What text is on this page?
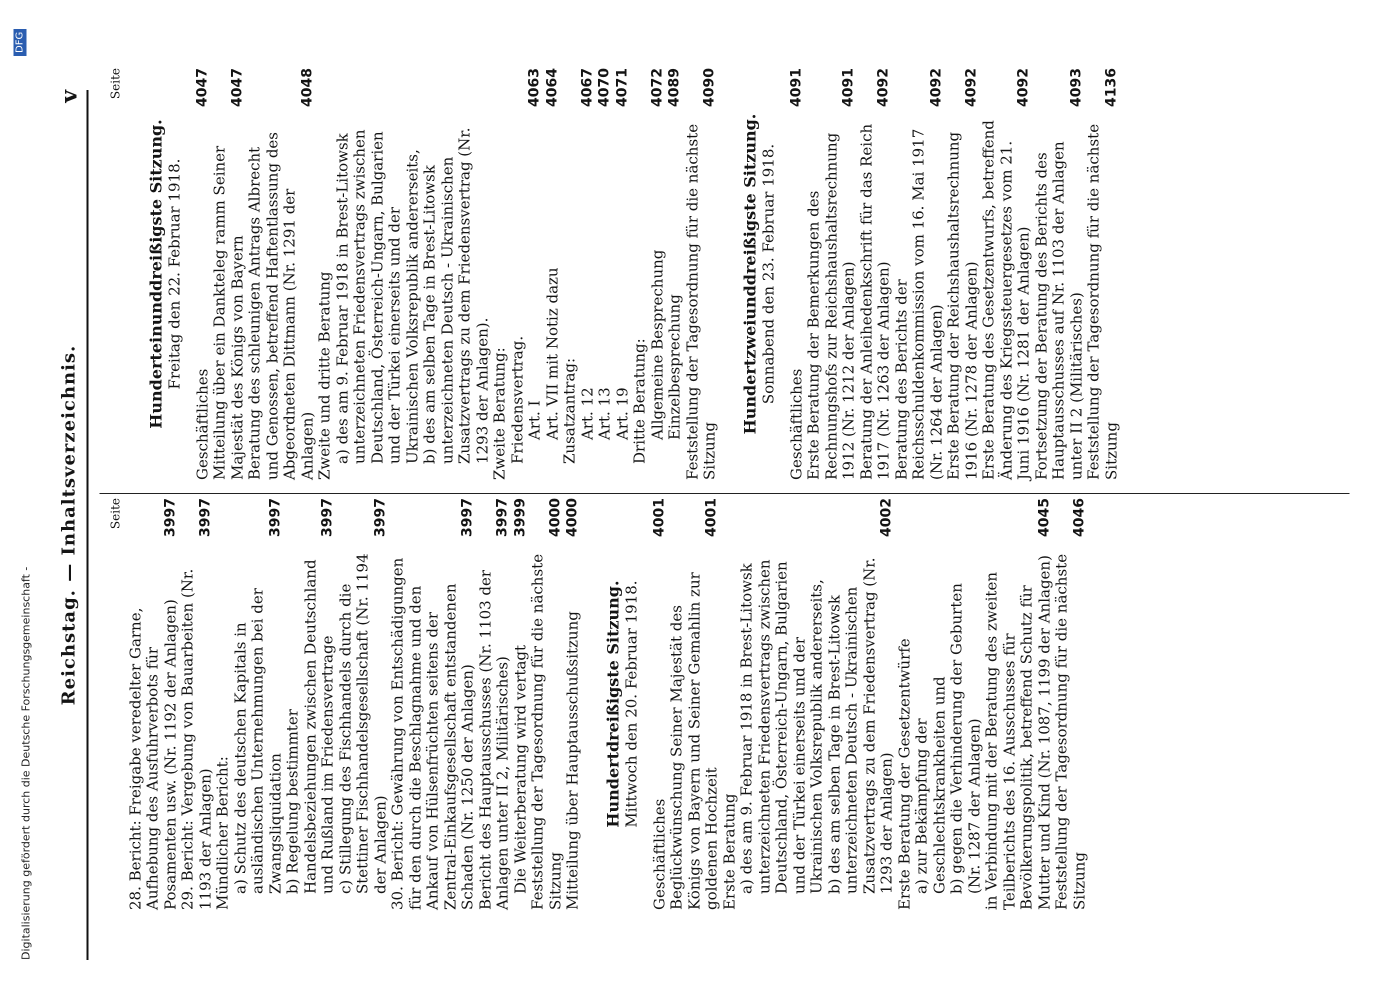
Digitalisierung gefördert durch die Deutsche Forschungsgemeinschaft -
DFG
Reichstag. — Inhaltsverzeichnis.
v
Seite
28. Bericht: Freigabe veredelter Garne, Aufhebung des Ausfuhrverbots für Posamenten usw. (Nr. 1192 der Anlagen)
3997
29. Bericht: Vergebung von Bauarbeiten (Nr. 1193 der Anlagen)
3997
Mündlicher Bericht: a) Schutz des deutschen Kapitals in ausländischen Unternehmungen bei der Zwangsliquidation
3997
b) Regelung bestimmter Handelsbeziehungen zwischen Deutschland und Rußland im Friedensvertrage
3997
c) Stillegung des Fischhandels durch die Stettiner Fischhandelsgesellschaft (Nr. 1194 der Anlagen)
3997
30. Bericht: Gewährung von Entschädigungen für den durch die Beschlagnahme und den Ankauf von Hülsenfrüchten seitens der Zentral-Einkaufsgesellschaft entstandenen Schaden (Nr. 1250 der Anlagen)
3997
Bericht des Hauptausschusses (Nr. 1103 der Anlagen unter II 2, Militärisches)
3997
Die Weiterberatung wird vertagt
3999
Feststellung der Tagesordnung für die nächste Sitzung
4000
Mitteilung über Hauptausschußsitzung
4000
Hundertdreißigste Sitzung. Mittwoch den 20. Februar 1918.
Geschäftliches
4001
Beglückwünschung Seiner Majestät des Königs von Bayern und Seiner Gemahlin zur goldenen Hochzeit
4001
Erste Beratung a) des am 9. Februar 1918 in Brest-Litowsk unterzeichneten Friedensvertrags zwischen Deutschland, Österreich-Ungarn, Bulgarien und der Türkei einerseits und der Ukrainischen Volksrepublik andererseits, b) des am selben Tage in Brest-Litowsk unterzeichneten Deutsch - Ukrainischen Zusatzvertrags zu dem Friedensvertrag (Nr. 1293 der Anlagen)
4002
Erste Beratung der Gesetzentwürfe a) zur Bekämpfung der Geschlechtskrankheiten und b) gegen die Verhinderung der Geburten (Nr. 1287 der Anlagen) in Verbindung mit der Beratung des zweiten Teilberichts des 16. Ausschusses für Bevölkerungspolitik, betreffend Schutz für Mutter und Kind (Nr. 1087, 1199 der Anlagen)
4045
Feststellung der Tagesordnung für die nächste Sitzung
4046
Seite
Hunderteinunddreißigste Sitzung. Freitag den 22. Februar 1918.
Geschäftliches
4047
Mitteilung über ein Dankteleg ramm Seiner Majestät des Königs von Bayern
4047
Beratung des schleunigen Antrags Albrecht und Genossen, betreffend Haftentlassung des Abgeordneten Dittmann (Nr. 1291 der Anlagen)
4048
Zweite und dritte Beratung a) des am 9. Februar 1918 in Brest-Litowsk unterzeichneten Friedensvertrags zwischen Deutschland, Österreich-Ungarn, Bulgarien und der Türkei einerseits und der Ukrainischen Volksrepublik andererseits, b) des am selben Tage in Brest-Litowsk unterzeichneten Deutsch - Ukrainischen Zusatzvertrags zu dem Friedensvertrag (Nr. 1293 der Anlagen). Zweite Beratung: Friedensvertrag. Art. I
4063
Art. VII mit Notiz dazu
4064
Zusatzantrag: Art. 12
4067
Art. 13
4070
Art. 19
4071
Dritte Beratung: Allgemeine Besprechung
4072
Einzelbesprechung
4089
Feststellung der Tagesordnung für die nächste Sitzung
4090
Hundertzweiunddreißigste Sitzung. Sonnabend den 23. Februar 1918.
Geschäftliches
4091
Erste Beratung der Bemerkungen des Rechnungshofs zur Reichshaushaltsrechnung 1912 (Nr. 1212 der Anlagen)
4091
Beratung der Anleihedenkschrift für das Reich 1917 (Nr. 1263 der Anlagen)
4092
Beratung des Berichts der Reichsschuldenkommission vom 16. Mai 1917 (Nr. 1264 der Anlagen)
4092
Erste Beratung der Reichshaushaltsrechnung 1916 (Nr. 1278 der Anlagen)
4092
Erste Beratung des Gesetzentwurfs, betreffend Änderung des Kriegssteuergesetzes vom 21. Juni 1916 (Nr. 1281 der Anlagen)
4092
Fortsetzung der Beratung des Berichts des Hauptausschusses auf Nr. 1103 der Anlagen unter II 2 (Militärisches)
4093
Feststellung der Tagesordnung für die nächste Sitzung
4136
